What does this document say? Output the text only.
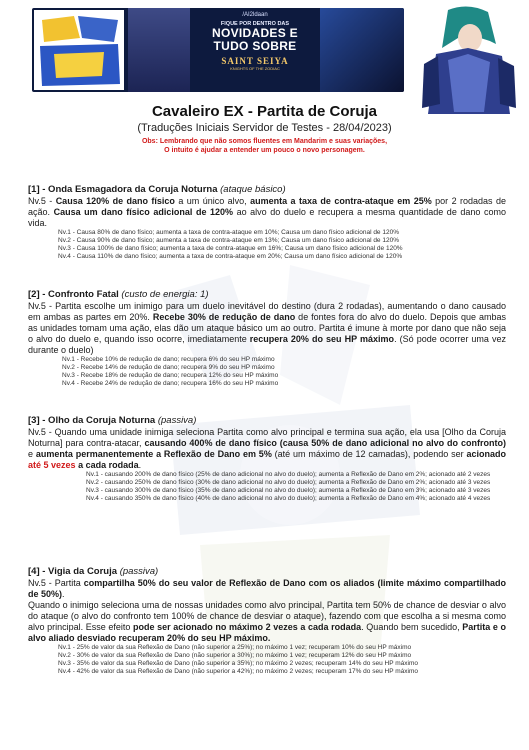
/AI2ldaan
FIQUE POR DENTRO DAS
NOVIDADES E
TUDO SOBRE
SAINT SEIYA
KNIGHTS OF THE ZODIAC
Cavaleiro EX - Partita de Coruja
(Traduções Iniciais Servidor de Testes - 28/04/2023)
Obs: Lembrando que não somos fluentes em Mandarim e suas variações,
O intuito é ajudar a entender um pouco o novo personagem.
[1] - Onda Esmagadora da Coruja Noturna (ataque básico)
Nv.5 - Causa 120% de dano físico a um único alvo, aumenta a taxa de contra-ataque em 25% por 2 rodadas de ação. Causa um dano físico adicional de 120% ao alvo do duelo e recupera a mesma quantidade de dano como vida.
Nv.1 - Causa 80% de dano físico; aumenta a taxa de contra-ataque em 10%; Causa um dano físico adicional de 120%
Nv.2 - Causa 90% de dano físico; aumenta a taxa de contra-ataque em 13%; Causa um dano físico adicional de 120%
Nv.3 - Causa 100% de dano físico; aumenta a taxa de contra-ataque em 16%; Causa um dano físico adicional de 120%
Nv.4 - Causa 110% de dano físico; aumenta a taxa de contra-ataque em 20%; Causa um dano físico adicional de 120%
[2] - Confronto Fatal (custo de energia: 1)
Nv.5 - Partita escolhe um inimigo para um duelo inevitável do destino (dura 2 rodadas), aumentando o dano causado em ambas as partes em 20%. Recebe 30% de redução de dano de fontes fora do alvo do duelo. Depois que ambas as unidades tomam uma ação, elas dão um ataque básico um ao outro. Partita é imune à morte por dano que não seja o alvo do duelo e, quando isso ocorre, imediatamente recupera 20% do seu HP máximo. (Só pode ocorrer uma vez durante o duelo)
Nv.1 - Recebe 10% de redução de dano; recupera 6% do seu HP máximo
Nv.2 - Recebe 14% de redução de dano; recupera 9% do seu HP máximo
Nv.3 - Recebe 18% de redução de dano; recupera 12% do seu HP máximo
Nv.4 - Recebe 24% de redução de dano; recupera 16% do seu HP máximo
[3] - Olho da Coruja Noturna (passiva)
Nv.5 - Quando uma unidade inimiga seleciona Partita como alvo principal e termina sua ação, ela usa [Olho da Coruja Noturna] para contra-atacar, causando 400% de dano físico (causa 50% de dano adicional no alvo do confronto) e aumenta permanentemente a Reflexão de Dano em 5% (até um máximo de 12 camadas), podendo ser acionado até 5 vezes a cada rodada.
Nv.1 - causando 200% de dano físico (25% de dano adicional no alvo do duelo); aumenta a Reflexão de Dano em 2%; acionado até 2 vezes
Nv.2 - causando 250% de dano físico (30% de dano adicional no alvo do duelo); aumenta a Reflexão de Dano em 2%; acionado até 3 vezes
Nv.3 - causando 300% de dano físico (35% de dano adicional no alvo do duelo); aumenta a Reflexão de Dano em 3%; acionado até 3 vezes
Nv.4 - causando 350% de dano físico (40% de dano adicional no alvo do duelo); aumenta a Reflexão de Dano em 4%; acionado até 4 vezes
[4] - Vigia da Coruja (passiva)
Nv.5 - Partita compartilha 50% do seu valor de Reflexão de Dano com os aliados (limite máximo compartilhado de 50%).
Quando o inimigo seleciona uma de nossas unidades como alvo principal, Partita tem 50% de chance de desviar o alvo do ataque (o alvo do confronto tem 100% de chance de desviar o ataque), fazendo com que escolha a si mesma como alvo principal. Esse efeito pode ser acionado no máximo 2 vezes a cada rodada. Quando bem sucedido, Partita e o alvo aliado desviado recuperam 20% do seu HP máximo.
Nv.1 - 25% de valor da sua Reflexão de Dano (não superior a 25%); no máximo 1 vez; recuperam 10% do seu HP máximo
Nv.2 - 30% de valor da sua Reflexão de Dano (não superior a 30%); no máximo 1 vez; recuperam 12% do seu HP máximo
Nv.3 - 35% de valor da sua Reflexão de Dano (não superior a 35%); no máximo 2 vezes; recuperam 14% do seu HP máximo
Nv.4 - 42% de valor da sua Reflexão de Dano (não superior a 42%); no máximo 2 vezes; recuperam 17% do seu HP máximo
